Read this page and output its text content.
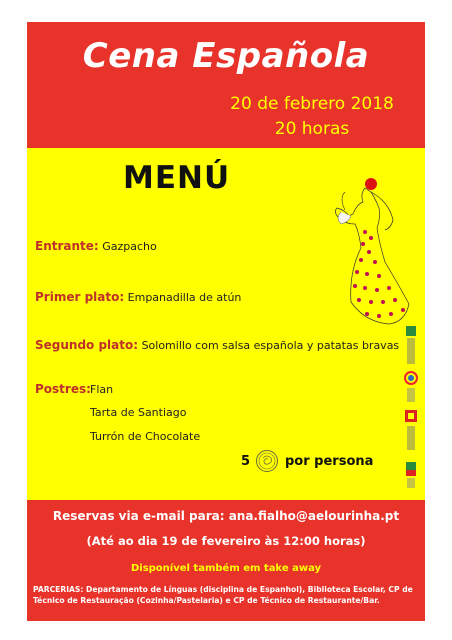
Cena Española
20 de febrero 2018
20 horas
MENÚ
Entrante: Gazpacho
Primer plato: Empanadilla de atún
Segundo plato: Solomillo com salsa española y patatas bravas
Postres: Flan
Tarta de Santiago
Turrón de Chocolate
5	por persona
Reservas via e-mail para: ana.fialho@aelourinha.pt
(Até ao dia 19 de fevereiro às 12:00 horas)
Disponível também em take away
PARCERIAS: Departamento de Línguas (disciplina de Espanhol), Biblioteca Escolar, CP de Técnico de Restauração (Cozinha/Pastelaria) e CP de Técnico de Restaurante/Bar.
